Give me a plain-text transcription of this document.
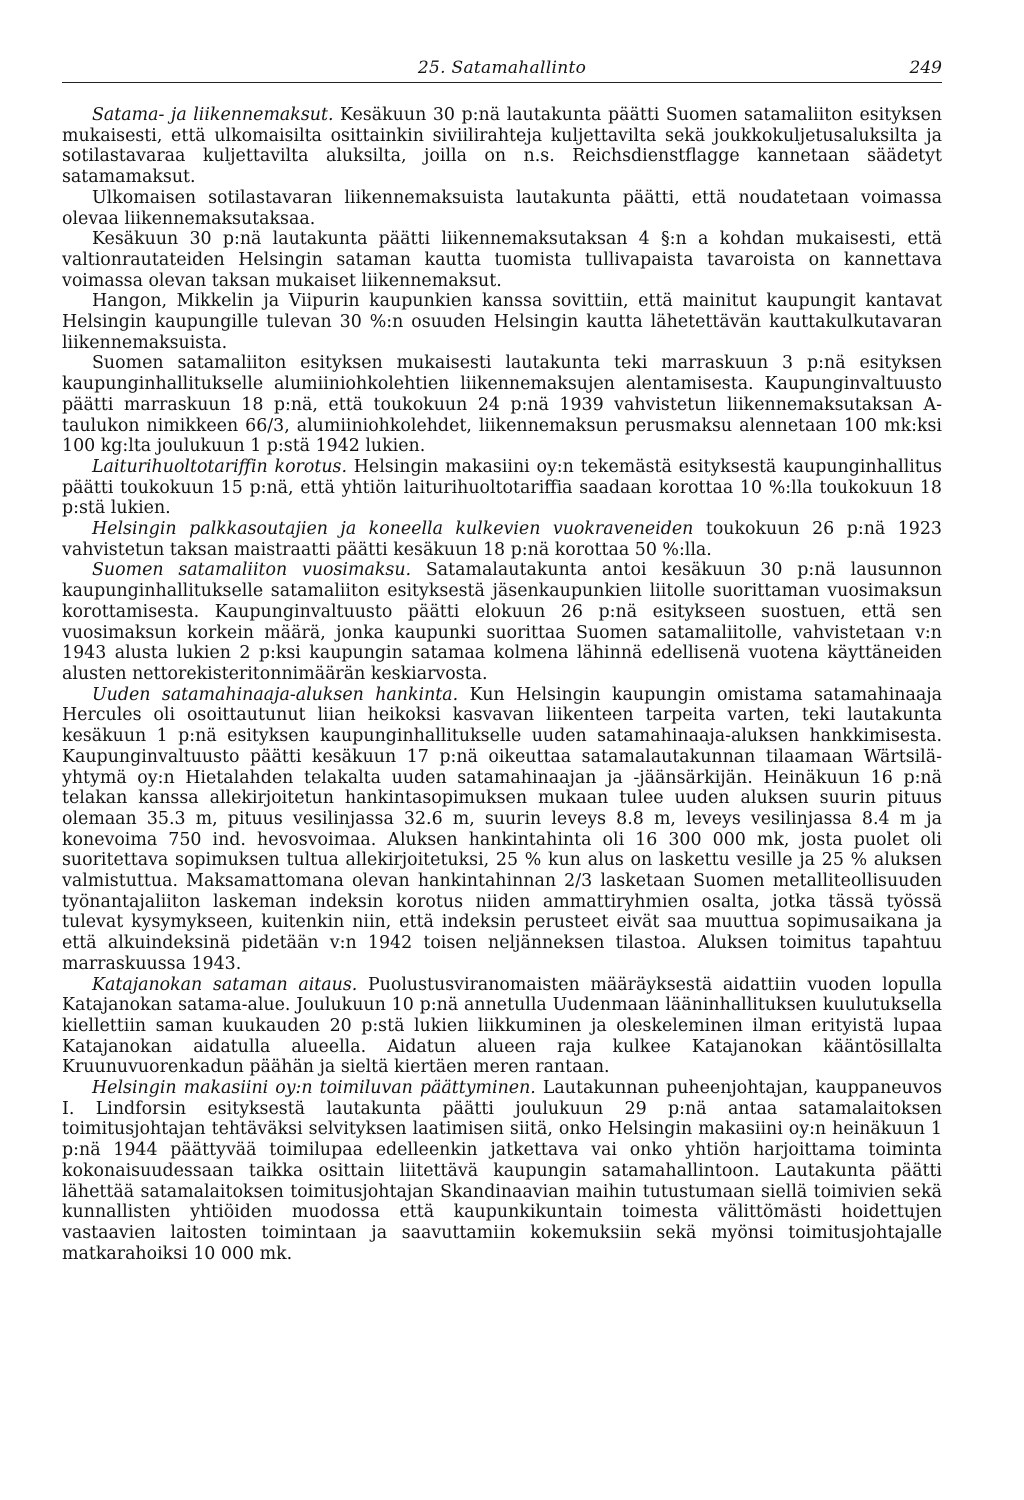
25. Satamahallinto	249

Satama- ja liikennemaksut. Kesäkuun 30 p:nä lautakunta päätti Suomen satamaliiton esityksen mukaisesti, että ulkomaisilta osittainkin siviilirahteja kuljettavilta sekä joukkokuljetusaluksilta ja sotilastavaraa kuljettavilta aluksilta, joilla on n.s. Reichsdienstflagge kannetaan säädetyt satamamaksut.

Ulkomaisen sotilastavaran liikennemaksuista lautakunta päätti, että noudatetaan voimassa olevaa liikennemaksutaksaa.

Kesäkuun 30 p:nä lautakunta päätti liikennemaksutaksan 4 §:n a kohdan mukaisesti, että valtionrautateiden Helsingin sataman kautta tuomista tullivapaista tavaroista on kannettava voimassa olevan taksan mukaiset liikennemaksut.

Hangon, Mikkelin ja Viipurin kaupunkien kanssa sovittiin, että mainitut kaupungit kantavat Helsingin kaupungille tulevan 30 %:n osuuden Helsingin kautta lähetettävän kauttakulkutavaran liikennemaksuista.

Suomen satamaliiton esityksen mukaisesti lautakunta teki marraskuun 3 p:nä esityksen kaupunginhallitukselle alumiiniohkolehtien liikennemaksujen alentamisesta. Kaupunginvaltuusto päätti marraskuun 18 p:nä, että toukokuun 24 p:nä 1939 vahvistetun liikennemaksutaksan A-taulukon nimikkeen 66/3, alumiiniohkolehdet, liikennemaksun perusmaksu alennetaan 100 mk:ksi 100 kg:lta joulukuun 1 p:stä 1942 lukien.

Laiturihuoltotariffin korotus. Helsingin makasiini oy:n tekemästä esityksestä kaupunginhallitus päätti toukokuun 15 p:nä, että yhtiön laiturihuoltotariffia saadaan korottaa 10 %:lla toukokuun 18 p:stä lukien.

Helsingin palkkasoutajien ja koneella kulkevien vuokraveneiden toukokuun 26 p:nä 1923 vahvistetun taksan maistraatti päätti kesäkuun 18 p:nä korottaa 50 %:lla.

Suomen satamaliiton vuosimaksu. Satamalautakunta antoi kesäkuun 30 p:nä lausunnon kaupunginhallitukselle satamaliiton esityksestä jäsenkaupunkien liitolle suorittaman vuosimaksun korottamisesta. Kaupunginvaltuusto päätti elokuun 26 p:nä esitykseen suostuen, että sen vuosimaksun korkein määrä, jonka kaupunki suorittaa Suomen satamaliitolle, vahvistetaan v:n 1943 alusta lukien 2 p:ksi kaupungin satamaa kolmena lähinnä edellisenä vuotena käyttäneiden alusten nettorekisteritonnimäärän keskiarvosta.

Uuden satamahinaaja-aluksen hankinta. Kun Helsingin kaupungin omistama satamahinaaja Hercules oli osoittautunut liian heikoksi kasvavan liikenteen tarpeita varten, teki lautakunta kesäkuun 1 p:nä esityksen kaupunginhallitukselle uuden satamahinaaja-aluksen hankkimisesta. Kaupunginvaltuusto päätti kesäkuun 17 p:nä oikeuttaa satamalautakunnan tilaamaan Wärtsilä-yhtymä oy:n Hietalahden telakalta uuden satamahinaajan ja -jäänsärkijän. Heinäkuun 16 p:nä telakan kanssa allekirjoitetun hankintasopimuksen mukaan tulee uuden aluksen suurin pituus olemaan 35.3 m, pituus vesilinjassa 32.6 m, suurin leveys 8.8 m, leveys vesilinjassa 8.4 m ja konevoima 750 ind. hevosvoimaa. Aluksen hankintahinta oli 16 300 000 mk, josta puolet oli suoritettava sopimuksen tultua allekirjoitetuksi, 25 % kun alus on laskettu vesille ja 25 % aluksen valmistuttua. Maksamattomana olevan hankintahinnan 2/3 lasketaan Suomen metalliteollisuuden työnantajaliiton laskeman indeksin korotus niiden ammattiryhmien osalta, jotka tässä työssä tulevat kysymykseen, kuitenkin niin, että indeksin perusteet eivät saa muuttua sopimusaikana ja että alkuindeksinä pidetään v:n 1942 toisen neljänneksen tilastoa. Aluksen toimitus tapahtuu marraskuussa 1943.

Katajanokan sataman aitaus. Puolustusviranomaisten määräyksestä aidattiin vuoden lopulla Katajanokan satama-alue. Joulukuun 10 p:nä annetulla Uudenmaan lääninhallituksen kuulutuksella kiellettiin saman kuukauden 20 p:stä lukien liikkuminen ja oleskeleminen ilman erityistä lupaa Katajanokan aidatulla alueella. Aidatun alueen raja kulkee Katajanokan kääntösillalta Kruunuvuorenkadun päähän ja sieltä kiertäen meren rantaan.

Helsingin makasiini oy:n toimiluvan päättyminen. Lautakunnan puheenjohtajan, kauppaneuvos I. Lindforsin esityksestä lautakunta päätti joulukuun 29 p:nä antaa satamalaitoksen toimitusjohtajan tehtäväksi selvityksen laatimisen siitä, onko Helsingin makasiini oy:n heinäkuun 1 p:nä 1944 päättyvää toimilupaa edelleenkin jatkettava vai onko yhtiön harjoittama toiminta kokonaisuudessaan taikka osittain liitettävä kaupungin satamahallintoon. Lautakunta päätti lähettää satamalaitoksen toimitusjohtajan Skandinaavian maihin tutustumaan siellä toimivien sekä kunnallisten yhtiöiden muodossa että kaupunkikuntain toimesta välittömästi hoidettujen vastaavien laitosten toimintaan ja saavuttamiin kokemuksiin sekä myönsi toimitusjohtajalle matkarahoiksi 10 000 mk.
